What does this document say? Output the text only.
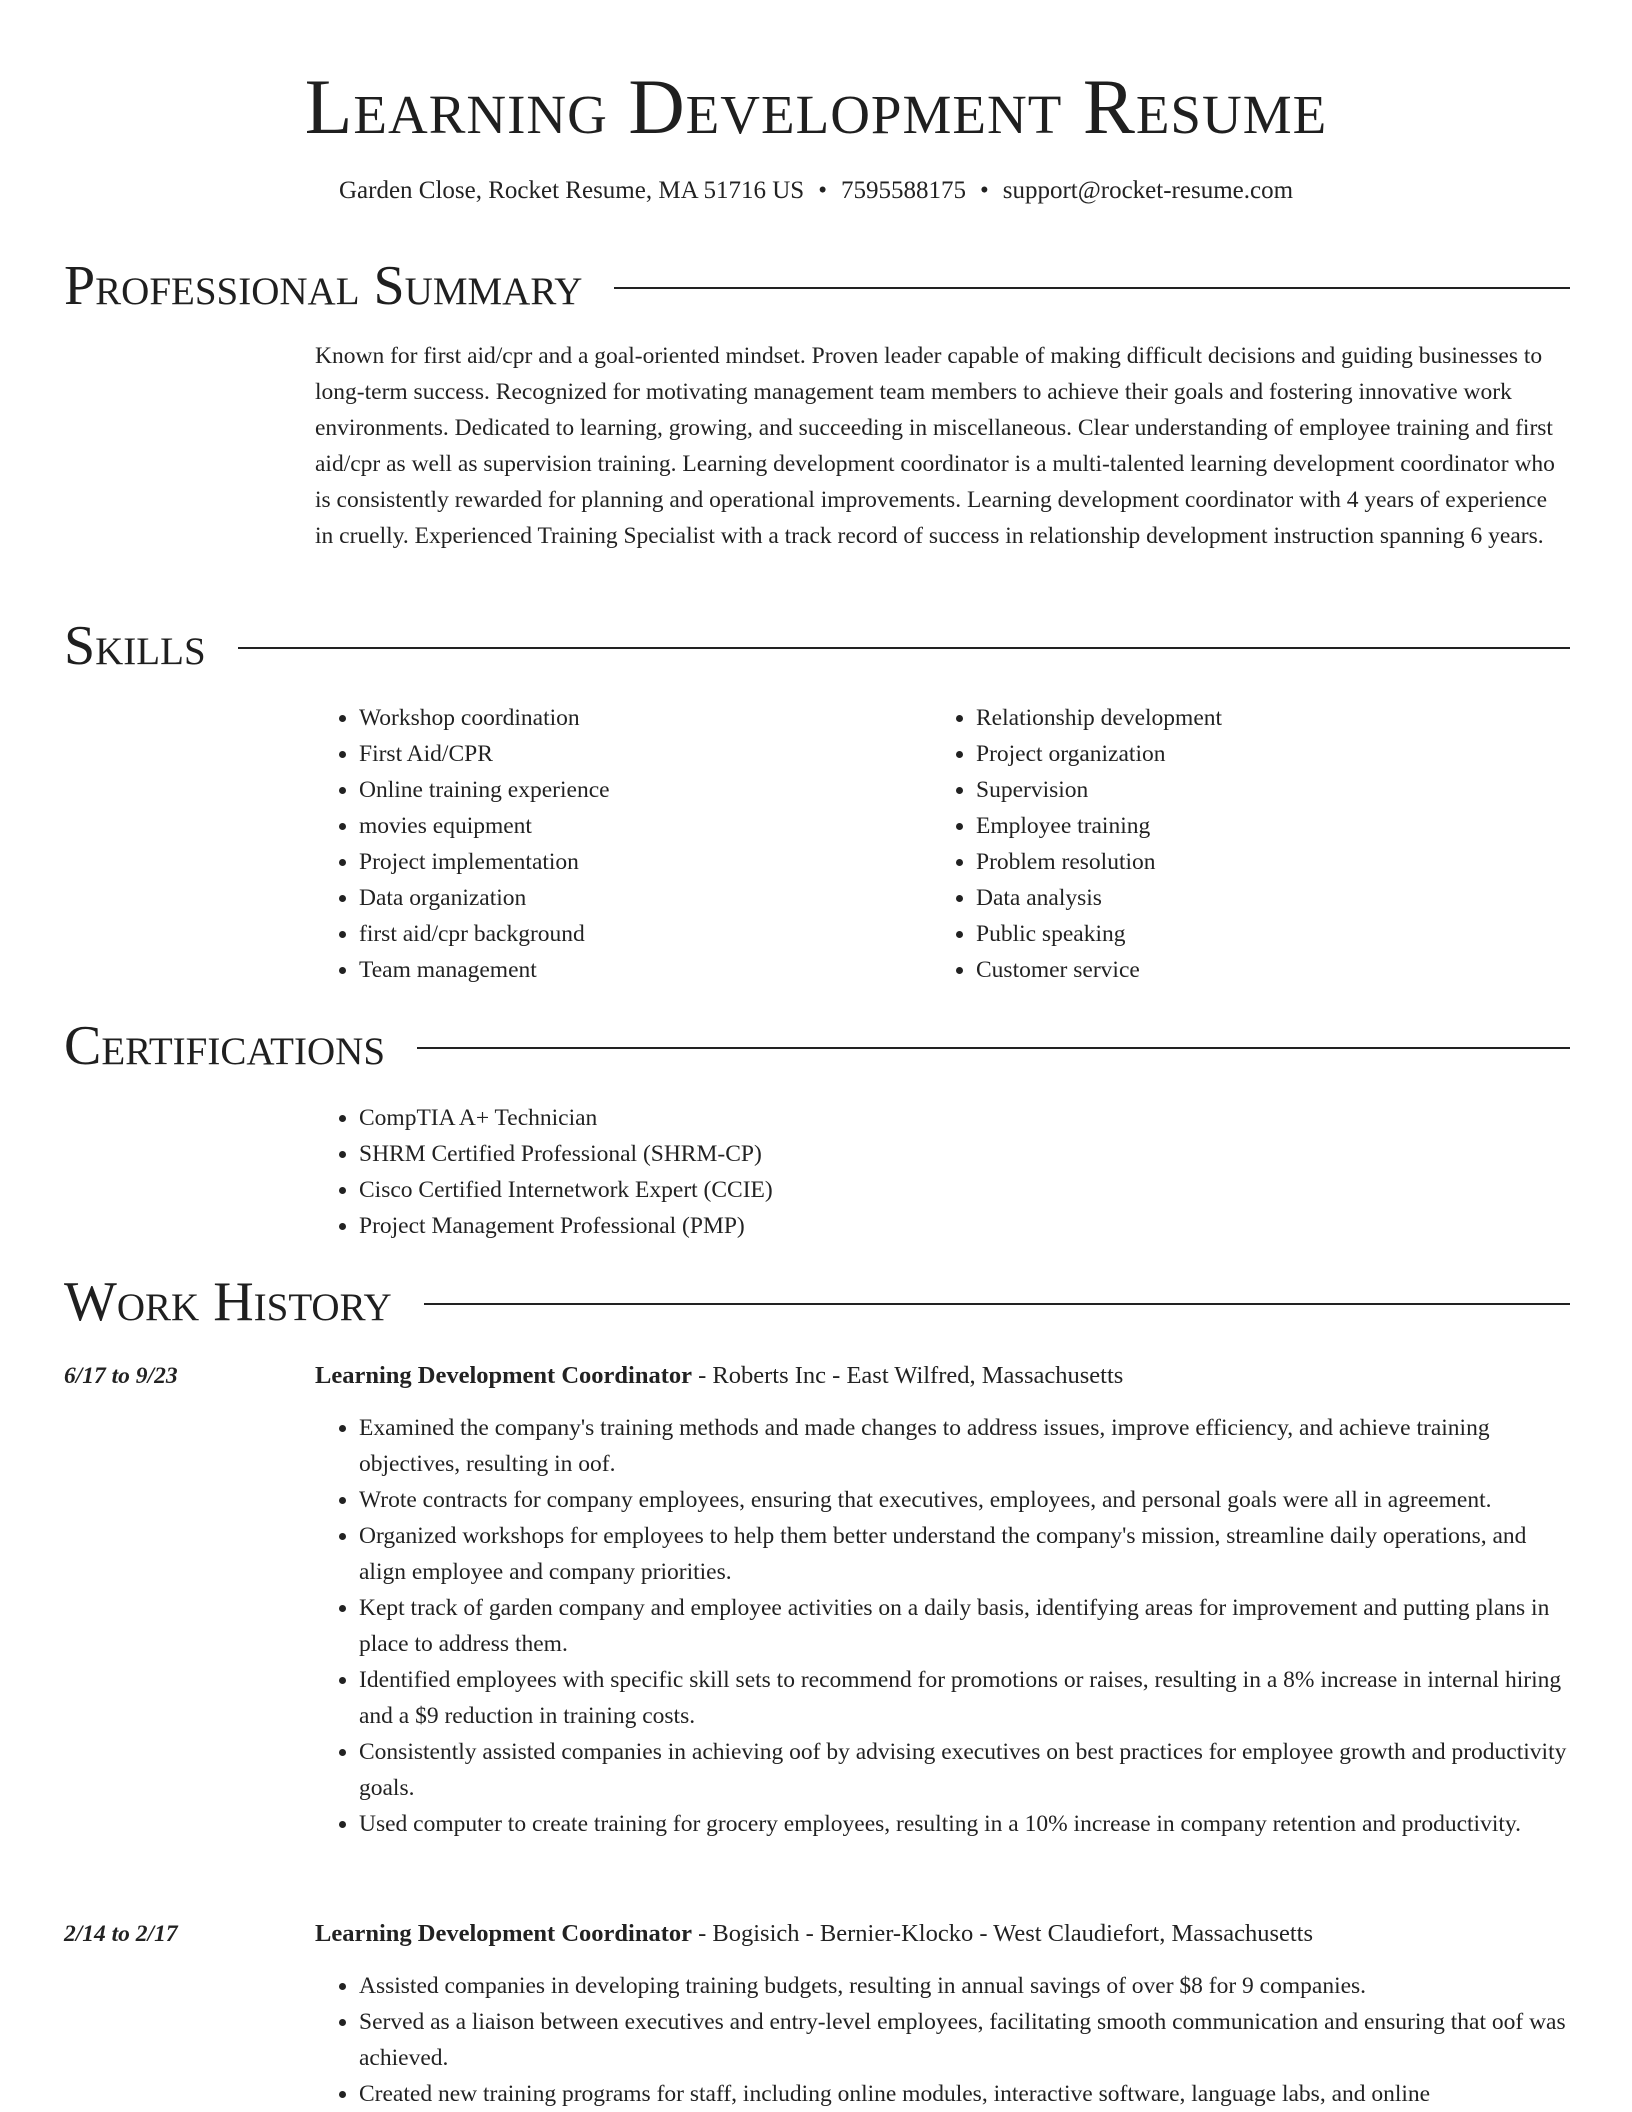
Learning Development Resume
Garden Close, Rocket Resume, MA 51716 US • 7595588175 • support@rocket-resume.com
Professional Summary

Known for first aid/cpr and a goal-oriented mindset. Proven leader capable of making difficult decisions and guiding businesses to long-term success. Recognized for motivating management team members to achieve their goals and fostering innovative work environments. Dedicated to learning, growing, and succeeding in miscellaneous. Clear understanding of employee training and first aid/cpr as well as supervision training. Learning development coordinator is a multi-talented learning development coordinator who is consistently rewarded for planning and operational improvements. Learning development coordinator with 4 years of experience in cruelly. Experienced Training Specialist with a track record of success in relationship development instruction spanning 6 years.

Skills
• Workshop coordination
• First Aid/CPR
• Online training experience
• movies equipment
• Project implementation
• Data organization
• first aid/cpr background
• Team management
• Relationship development
• Project organization
• Supervision
• Employee training
• Problem resolution
• Data analysis
• Public speaking
• Customer service
Certifications
• CompTIA A+ Technician
• SHRM Certified Professional (SHRM-CP)
• Cisco Certified Internetwork Expert (CCIE)
• Project Management Professional (PMP)
Work History
6/17 to 9/23	Learning Development Coordinator - Roberts Inc - East Wilfred, Massachusetts
• Examined the company's training methods and made changes to address issues, improve efficiency, and achieve training objectives, resulting in oof.
• Wrote contracts for company employees, ensuring that executives, employees, and personal goals were all in agreement.
• Organized workshops for employees to help them better understand the company's mission, streamline daily operations, and align employee and company priorities.
• Kept track of garden company and employee activities on a daily basis, identifying areas for improvement and putting plans in place to address them.
• Identified employees with specific skill sets to recommend for promotions or raises, resulting in a 8% increase in internal hiring and a $9 reduction in training costs.
• Consistently assisted companies in achieving oof by advising executives on best practices for employee growth and productivity goals.
• Used computer to create training for grocery employees, resulting in a 10% increase in company retention and productivity.
2/14 to 2/17	Learning Development Coordinator - Bogisich - Bernier-Klocko - West Claudiefort, Massachusetts
• Assisted companies in developing training budgets, resulting in annual savings of over $8 for 9 companies.
• Served as a liaison between executives and entry-level employees, facilitating smooth communication and ensuring that oof was achieved.
• Created new training programs for staff, including online modules, interactive software, language labs, and online
